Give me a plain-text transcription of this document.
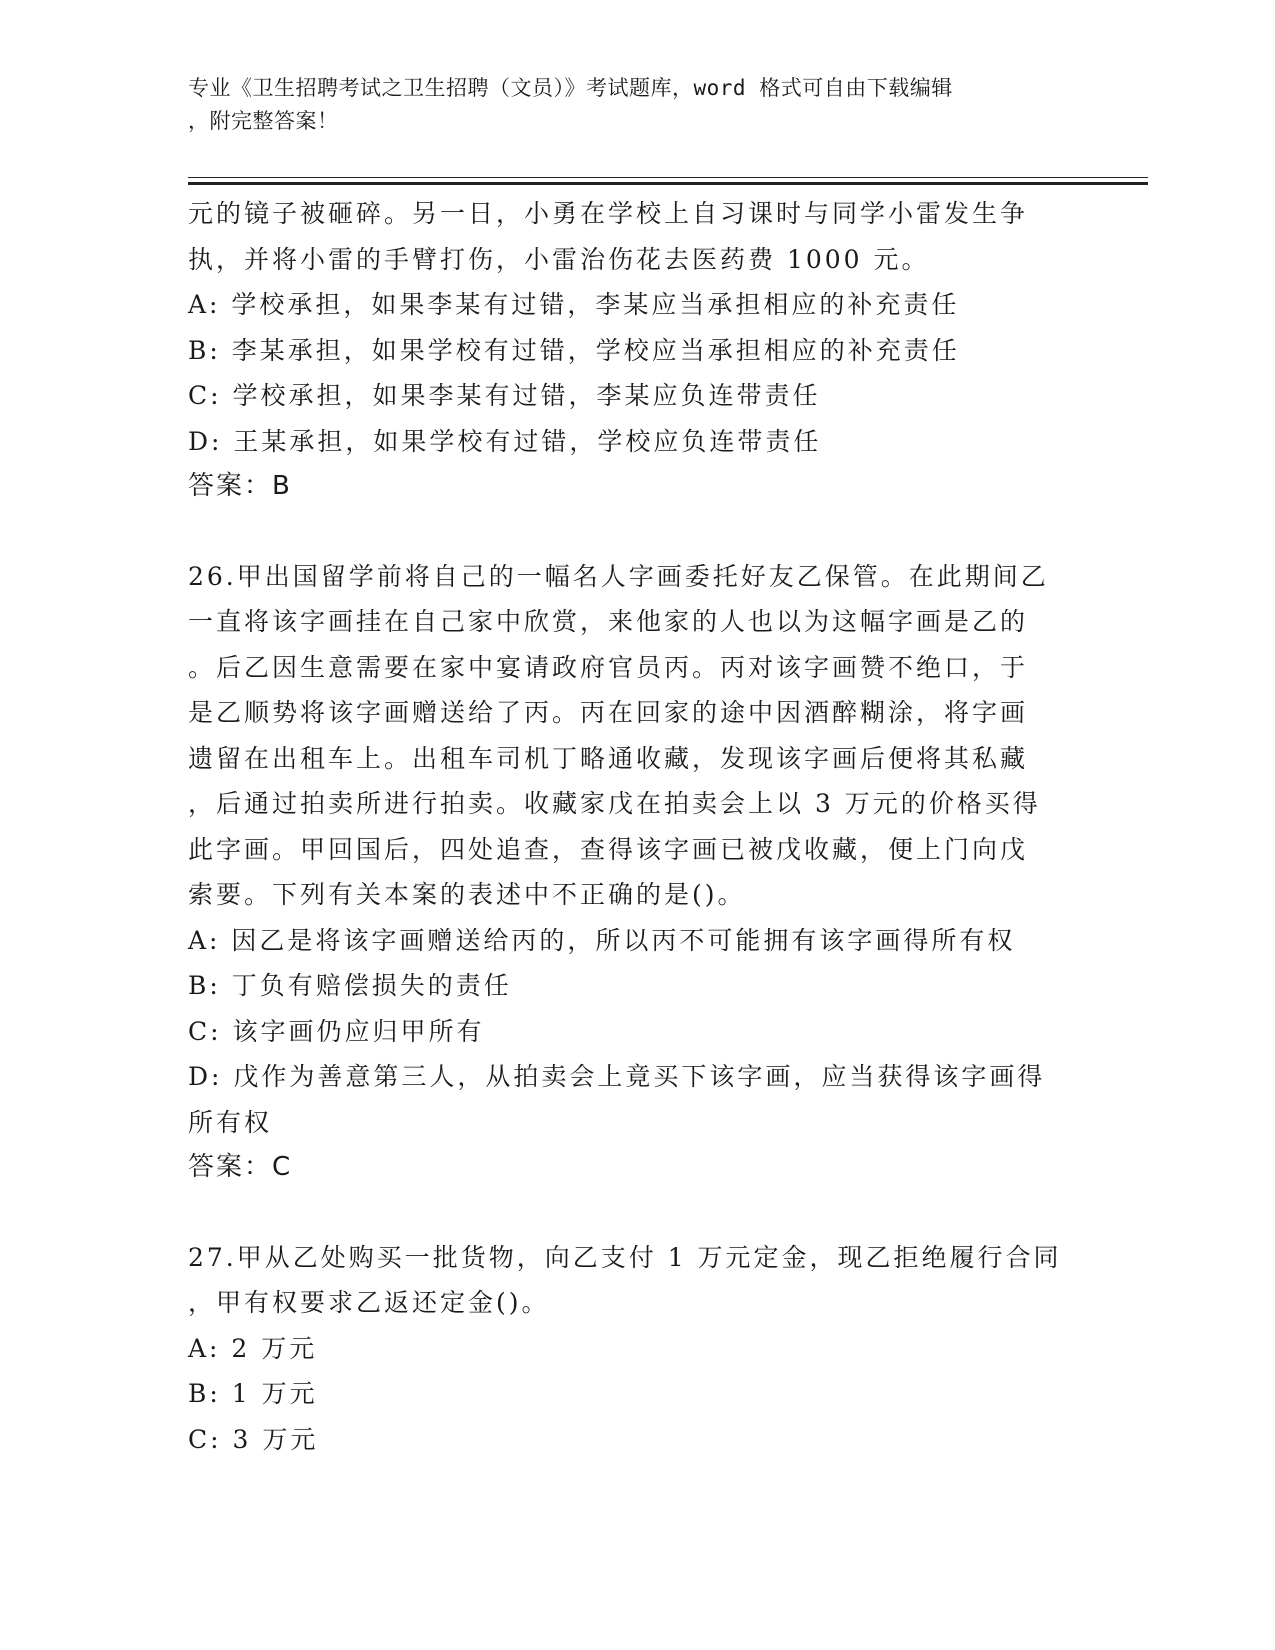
专业《卫生招聘考试之卫生招聘（文员）》考试题库，word 格式可自由下载编辑
，附完整答案！
元的镜子被砸碎。另一日，小勇在学校上自习课时与同学小雷发生争
执，并将小雷的手臂打伤，小雷治伤花去医药费 1000 元。
A: 学校承担，如果李某有过错，李某应当承担相应的补充责任
B: 李某承担，如果学校有过错，学校应当承担相应的补充责任
C: 学校承担，如果李某有过错，李某应负连带责任
D: 王某承担，如果学校有过错，学校应负连带责任
答案：B
26.甲出国留学前将自己的一幅名人字画委托好友乙保管。在此期间乙
一直将该字画挂在自己家中欣赏，来他家的人也以为这幅字画是乙的
。后乙因生意需要在家中宴请政府官员丙。丙对该字画赞不绝口，于
是乙顺势将该字画赠送给了丙。丙在回家的途中因酒醉糊涂，将字画
遗留在出租车上。出租车司机丁略通收藏，发现该字画后便将其私藏
，后通过拍卖所进行拍卖。收藏家戊在拍卖会上以 3 万元的价格买得
此字画。甲回国后，四处追查，查得该字画已被戊收藏，便上门向戊
索要。下列有关本案的表述中不正确的是()。
A: 因乙是将该字画赠送给丙的，所以丙不可能拥有该字画得所有权
B: 丁负有赔偿损失的责任
C: 该字画仍应归甲所有
D: 戊作为善意第三人，从拍卖会上竟买下该字画，应当获得该字画得
所有权
答案：C
27.甲从乙处购买一批货物，向乙支付 1 万元定金，现乙拒绝履行合同
，甲有权要求乙返还定金()。
A: 2 万元
B: 1 万元
C: 3 万元
